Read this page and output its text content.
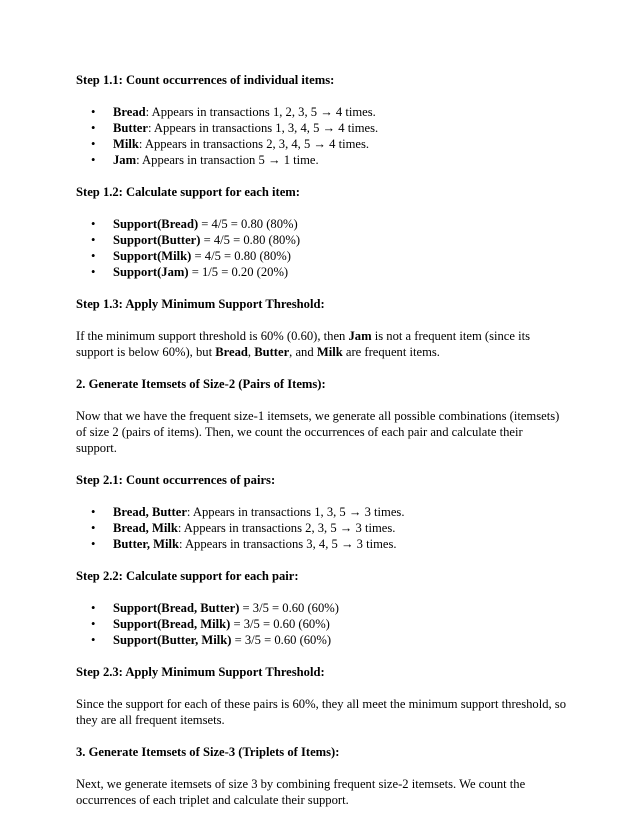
Step 1.1: Count occurrences of individual items:

• Bread: Appears in transactions 1, 2, 3, 5 → 4 times.
• Butter: Appears in transactions 1, 3, 4, 5 → 4 times.
• Milk: Appears in transactions 2, 3, 4, 5 → 4 times.
• Jam: Appears in transaction 5 → 1 time.

Step 1.2: Calculate support for each item:

• Support(Bread) = 4/5 = 0.80 (80%)
• Support(Butter) = 4/5 = 0.80 (80%)
• Support(Milk) = 4/5 = 0.80 (80%)
• Support(Jam) = 1/5 = 0.20 (20%)

Step 1.3: Apply Minimum Support Threshold:

If the minimum support threshold is 60% (0.60), then Jam is not a frequent item (since its support is below 60%), but Bread, Butter, and Milk are frequent items.

2. Generate Itemsets of Size-2 (Pairs of Items):

Now that we have the frequent size-1 itemsets, we generate all possible combinations (itemsets) of size 2 (pairs of items). Then, we count the occurrences of each pair and calculate their support.

Step 2.1: Count occurrences of pairs:

• Bread, Butter: Appears in transactions 1, 3, 5 → 3 times.
• Bread, Milk: Appears in transactions 2, 3, 5 → 3 times.
• Butter, Milk: Appears in transactions 3, 4, 5 → 3 times.

Step 2.2: Calculate support for each pair:

• Support(Bread, Butter) = 3/5 = 0.60 (60%)
• Support(Bread, Milk) = 3/5 = 0.60 (60%)
• Support(Butter, Milk) = 3/5 = 0.60 (60%)

Step 2.3: Apply Minimum Support Threshold:

Since the support for each of these pairs is 60%, they all meet the minimum support threshold, so they are all frequent itemsets.

3. Generate Itemsets of Size-3 (Triplets of Items):

Next, we generate itemsets of size 3 by combining frequent size-2 itemsets. We count the occurrences of each triplet and calculate their support.
